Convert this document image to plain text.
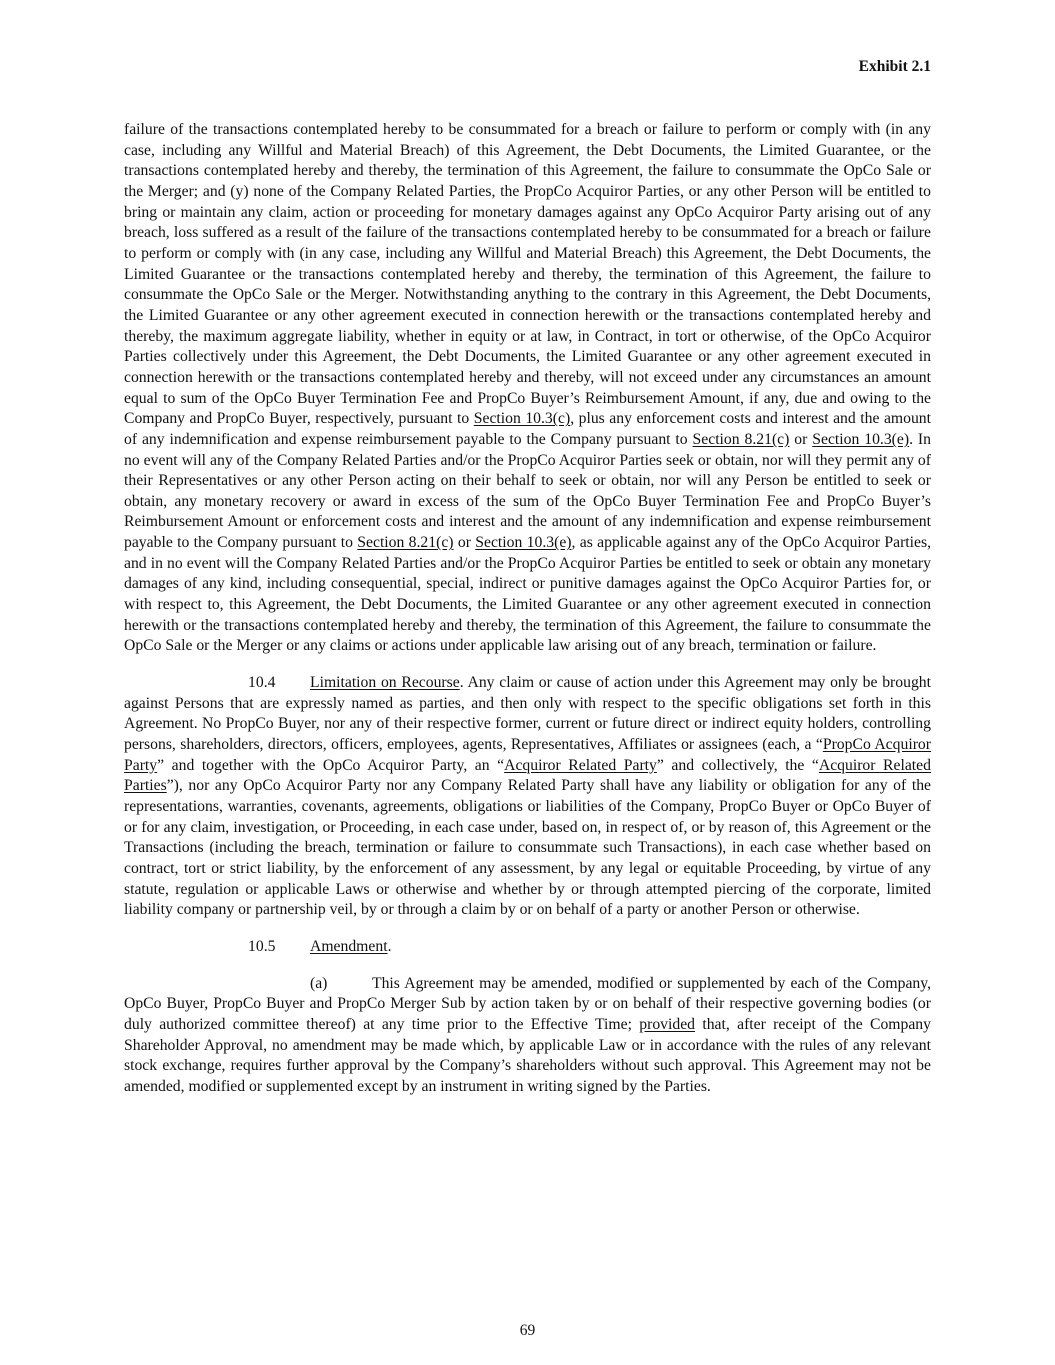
Exhibit 2.1

failure of the transactions contemplated hereby to be consummated for a breach or failure to perform or comply with (in any case, including any Willful and Material Breach) of this Agreement, the Debt Documents, the Limited Guarantee, or the transactions contemplated hereby and thereby, the termination of this Agreement, the failure to consummate the OpCo Sale or the Merger; and (y) none of the Company Related Parties, the PropCo Acquiror Parties, or any other Person will be entitled to bring or maintain any claim, action or proceeding for monetary damages against any OpCo Acquiror Party arising out of any breach, loss suffered as a result of the failure of the transactions contemplated hereby to be consummated for a breach or failure to perform or comply with (in any case, including any Willful and Material Breach) this Agreement, the Debt Documents, the Limited Guarantee or the transactions contemplated hereby and thereby, the termination of this Agreement, the failure to consummate the OpCo Sale or the Merger. Notwithstanding anything to the contrary in this Agreement, the Debt Documents, the Limited Guarantee or any other agreement executed in connection herewith or the transactions contemplated hereby and thereby, the maximum aggregate liability, whether in equity or at law, in Contract, in tort or otherwise, of the OpCo Acquiror Parties collectively under this Agreement, the Debt Documents, the Limited Guarantee or any other agreement executed in connection herewith or the transactions contemplated hereby and thereby, will not exceed under any circumstances an amount equal to sum of the OpCo Buyer Termination Fee and PropCo Buyer’s Reimbursement Amount, if any, due and owing to the Company and PropCo Buyer, respectively, pursuant to Section 10.3(c), plus any enforcement costs and interest and the amount of any indemnification and expense reimbursement payable to the Company pursuant to Section 8.21(c) or Section 10.3(e). In no event will any of the Company Related Parties and/or the PropCo Acquiror Parties seek or obtain, nor will they permit any of their Representatives or any other Person acting on their behalf to seek or obtain, nor will any Person be entitled to seek or obtain, any monetary recovery or award in excess of the sum of the OpCo Buyer Termination Fee and PropCo Buyer’s Reimbursement Amount or enforcement costs and interest and the amount of any indemnification and expense reimbursement payable to the Company pursuant to Section 8.21(c) or Section 10.3(e), as applicable against any of the OpCo Acquiror Parties, and in no event will the Company Related Parties and/or the PropCo Acquiror Parties be entitled to seek or obtain any monetary damages of any kind, including consequential, special, indirect or punitive damages against the OpCo Acquiror Parties for, or with respect to, this Agreement, the Debt Documents, the Limited Guarantee or any other agreement executed in connection herewith or the transactions contemplated hereby and thereby, the termination of this Agreement, the failure to consummate the OpCo Sale or the Merger or any claims or actions under applicable law arising out of any breach, termination or failure.

10.4 Limitation on Recourse. Any claim or cause of action under this Agreement may only be brought against Persons that are expressly named as parties, and then only with respect to the specific obligations set forth in this Agreement. No PropCo Buyer, nor any of their respective former, current or future direct or indirect equity holders, controlling persons, shareholders, directors, officers, employees, agents, Representatives, Affiliates or assignees (each, a “PropCo Acquiror Party” and together with the OpCo Acquiror Party, an “Acquiror Related Party” and collectively, the “Acquiror Related Parties”), nor any OpCo Acquiror Party nor any Company Related Party shall have any liability or obligation for any of the representations, warranties, covenants, agreements, obligations or liabilities of the Company, PropCo Buyer or OpCo Buyer of or for any claim, investigation, or Proceeding, in each case under, based on, in respect of, or by reason of, this Agreement or the Transactions (including the breach, termination or failure to consummate such Transactions), in each case whether based on contract, tort or strict liability, by the enforcement of any assessment, by any legal or equitable Proceeding, by virtue of any statute, regulation or applicable Laws or otherwise and whether by or through attempted piercing of the corporate, limited liability company or partnership veil, by or through a claim by or on behalf of a party or another Person or otherwise.

10.5 Amendment.

(a)	This Agreement may be amended, modified or supplemented by each of the Company, OpCo Buyer, PropCo Buyer and PropCo Merger Sub by action taken by or on behalf of their respective governing bodies (or duly authorized committee thereof) at any time prior to the Effective Time; provided that, after receipt of the Company Shareholder Approval, no amendment may be made which, by applicable Law or in accordance with the rules of any relevant stock exchange, requires further approval by the Company’s shareholders without such approval. This Agreement may not be amended, modified or supplemented except by an instrument in writing signed by the Parties.

69
